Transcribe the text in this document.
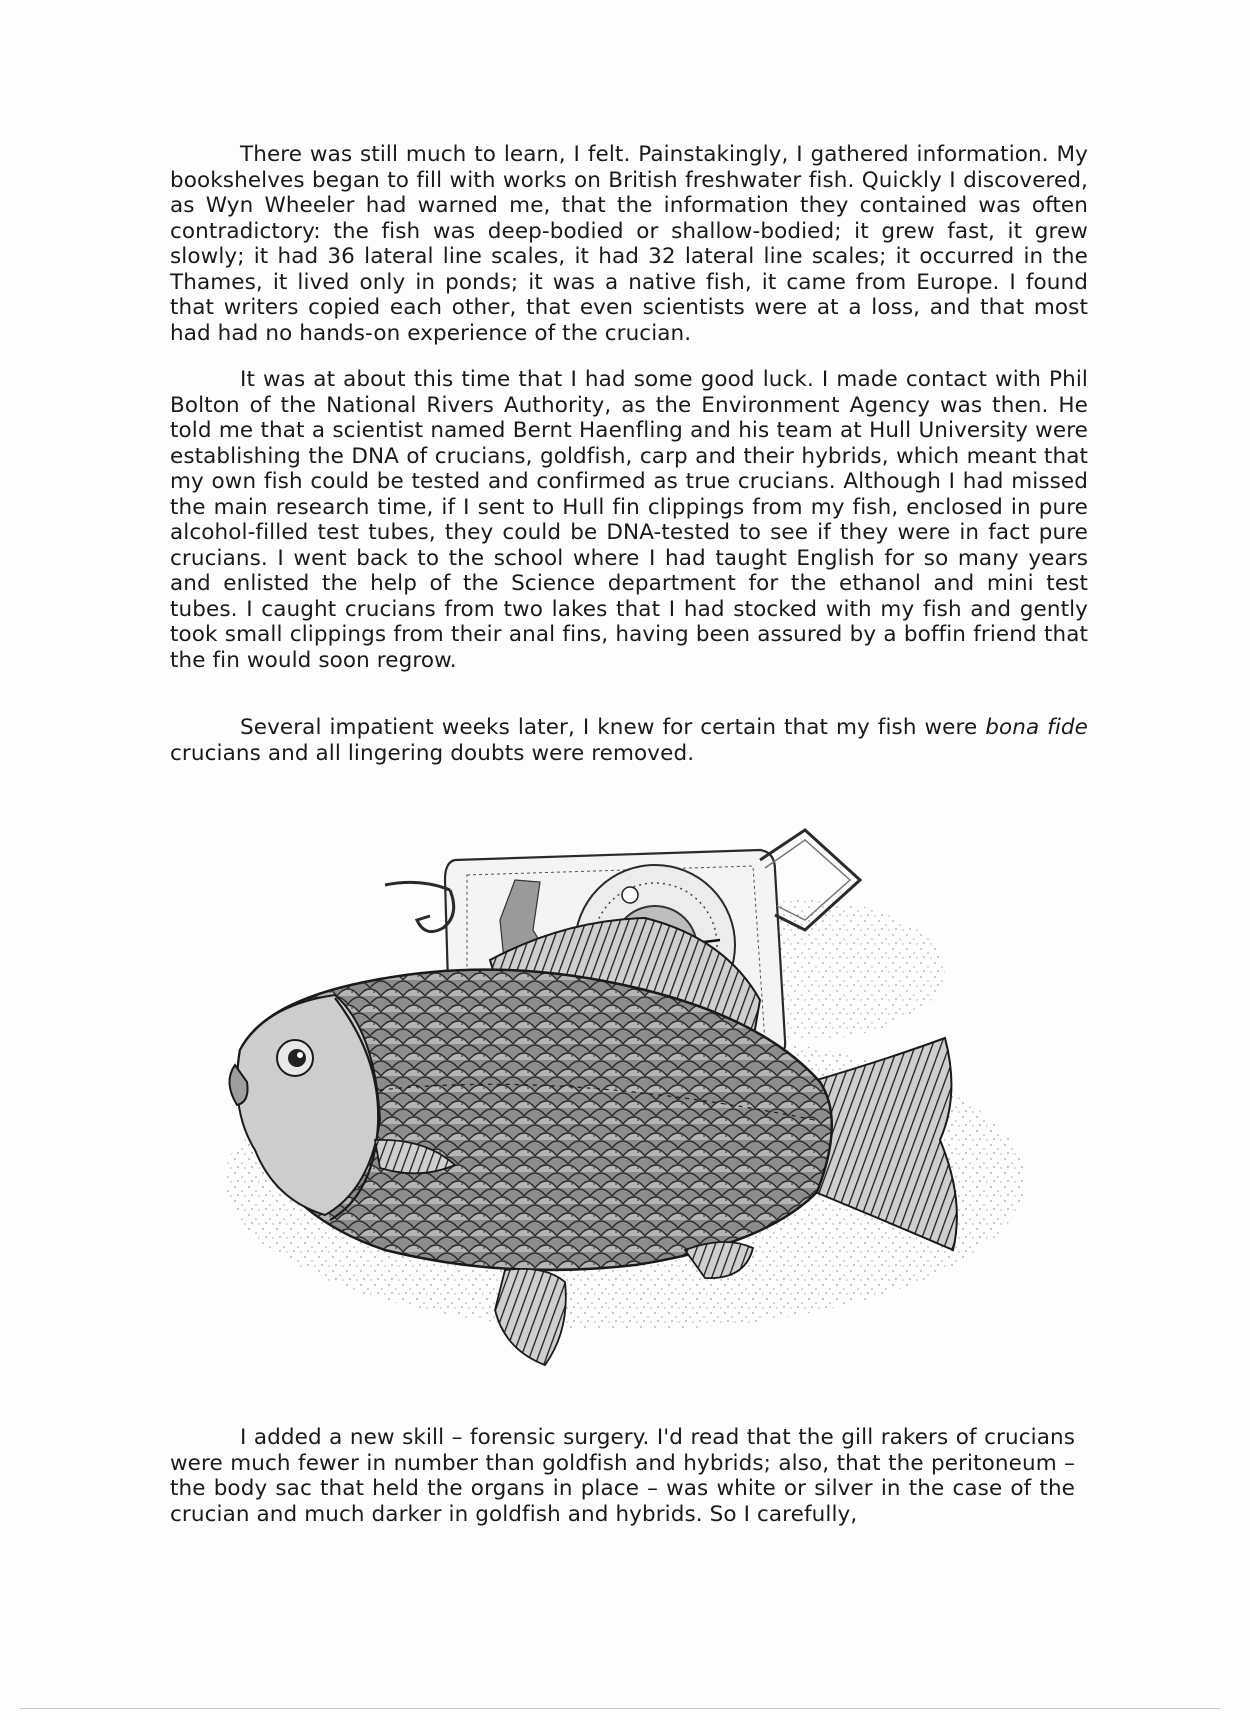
There was still much to learn, I felt. Painstakingly, I gathered information. My bookshelves began to fill with works on British freshwater fish. Quickly I discovered, as Wyn Wheeler had warned me, that the information they contained was often contradictory: the fish was deep-bodied or shallow-bodied; it grew fast, it grew slowly; it had 36 lateral line scales, it had 32 lateral line scales; it occurred in the Thames, it lived only in ponds; it was a native fish, it came from Europe. I found that writers copied each other, that even scientists were at a loss, and that most had had no hands-on experience of the crucian.

It was at about this time that I had some good luck. I made contact with Phil Bolton of the National Rivers Authority, as the Environment Agency was then. He told me that a scientist named Bernt Haenfling and his team at Hull University were establishing the DNA of crucians, goldfish, carp and their hybrids, which meant that my own fish could be tested and confirmed as true crucians. Although I had missed the main research time, if I sent to Hull fin clippings from my fish, enclosed in pure alcohol-filled test tubes, they could be DNA-tested to see if they were in fact pure crucians. I went back to the school where I had taught English for so many years and enlisted the help of the Science department for the ethanol and mini test tubes. I caught crucians from two lakes that I had stocked with my fish and gently took small clippings from their anal fins, having been assured by a boffin friend that the fin would soon regrow.

Several impatient weeks later, I knew for certain that my fish were bona fide crucians and all lingering doubts were removed.

I added a new skill – forensic surgery. I'd read that the gill rakers of crucians were much fewer in number than goldfish and hybrids; also, that the peritoneum – the body sac that held the organs in place – was white or silver in the case of the crucian and much darker in goldfish and hybrids. So I carefully,
